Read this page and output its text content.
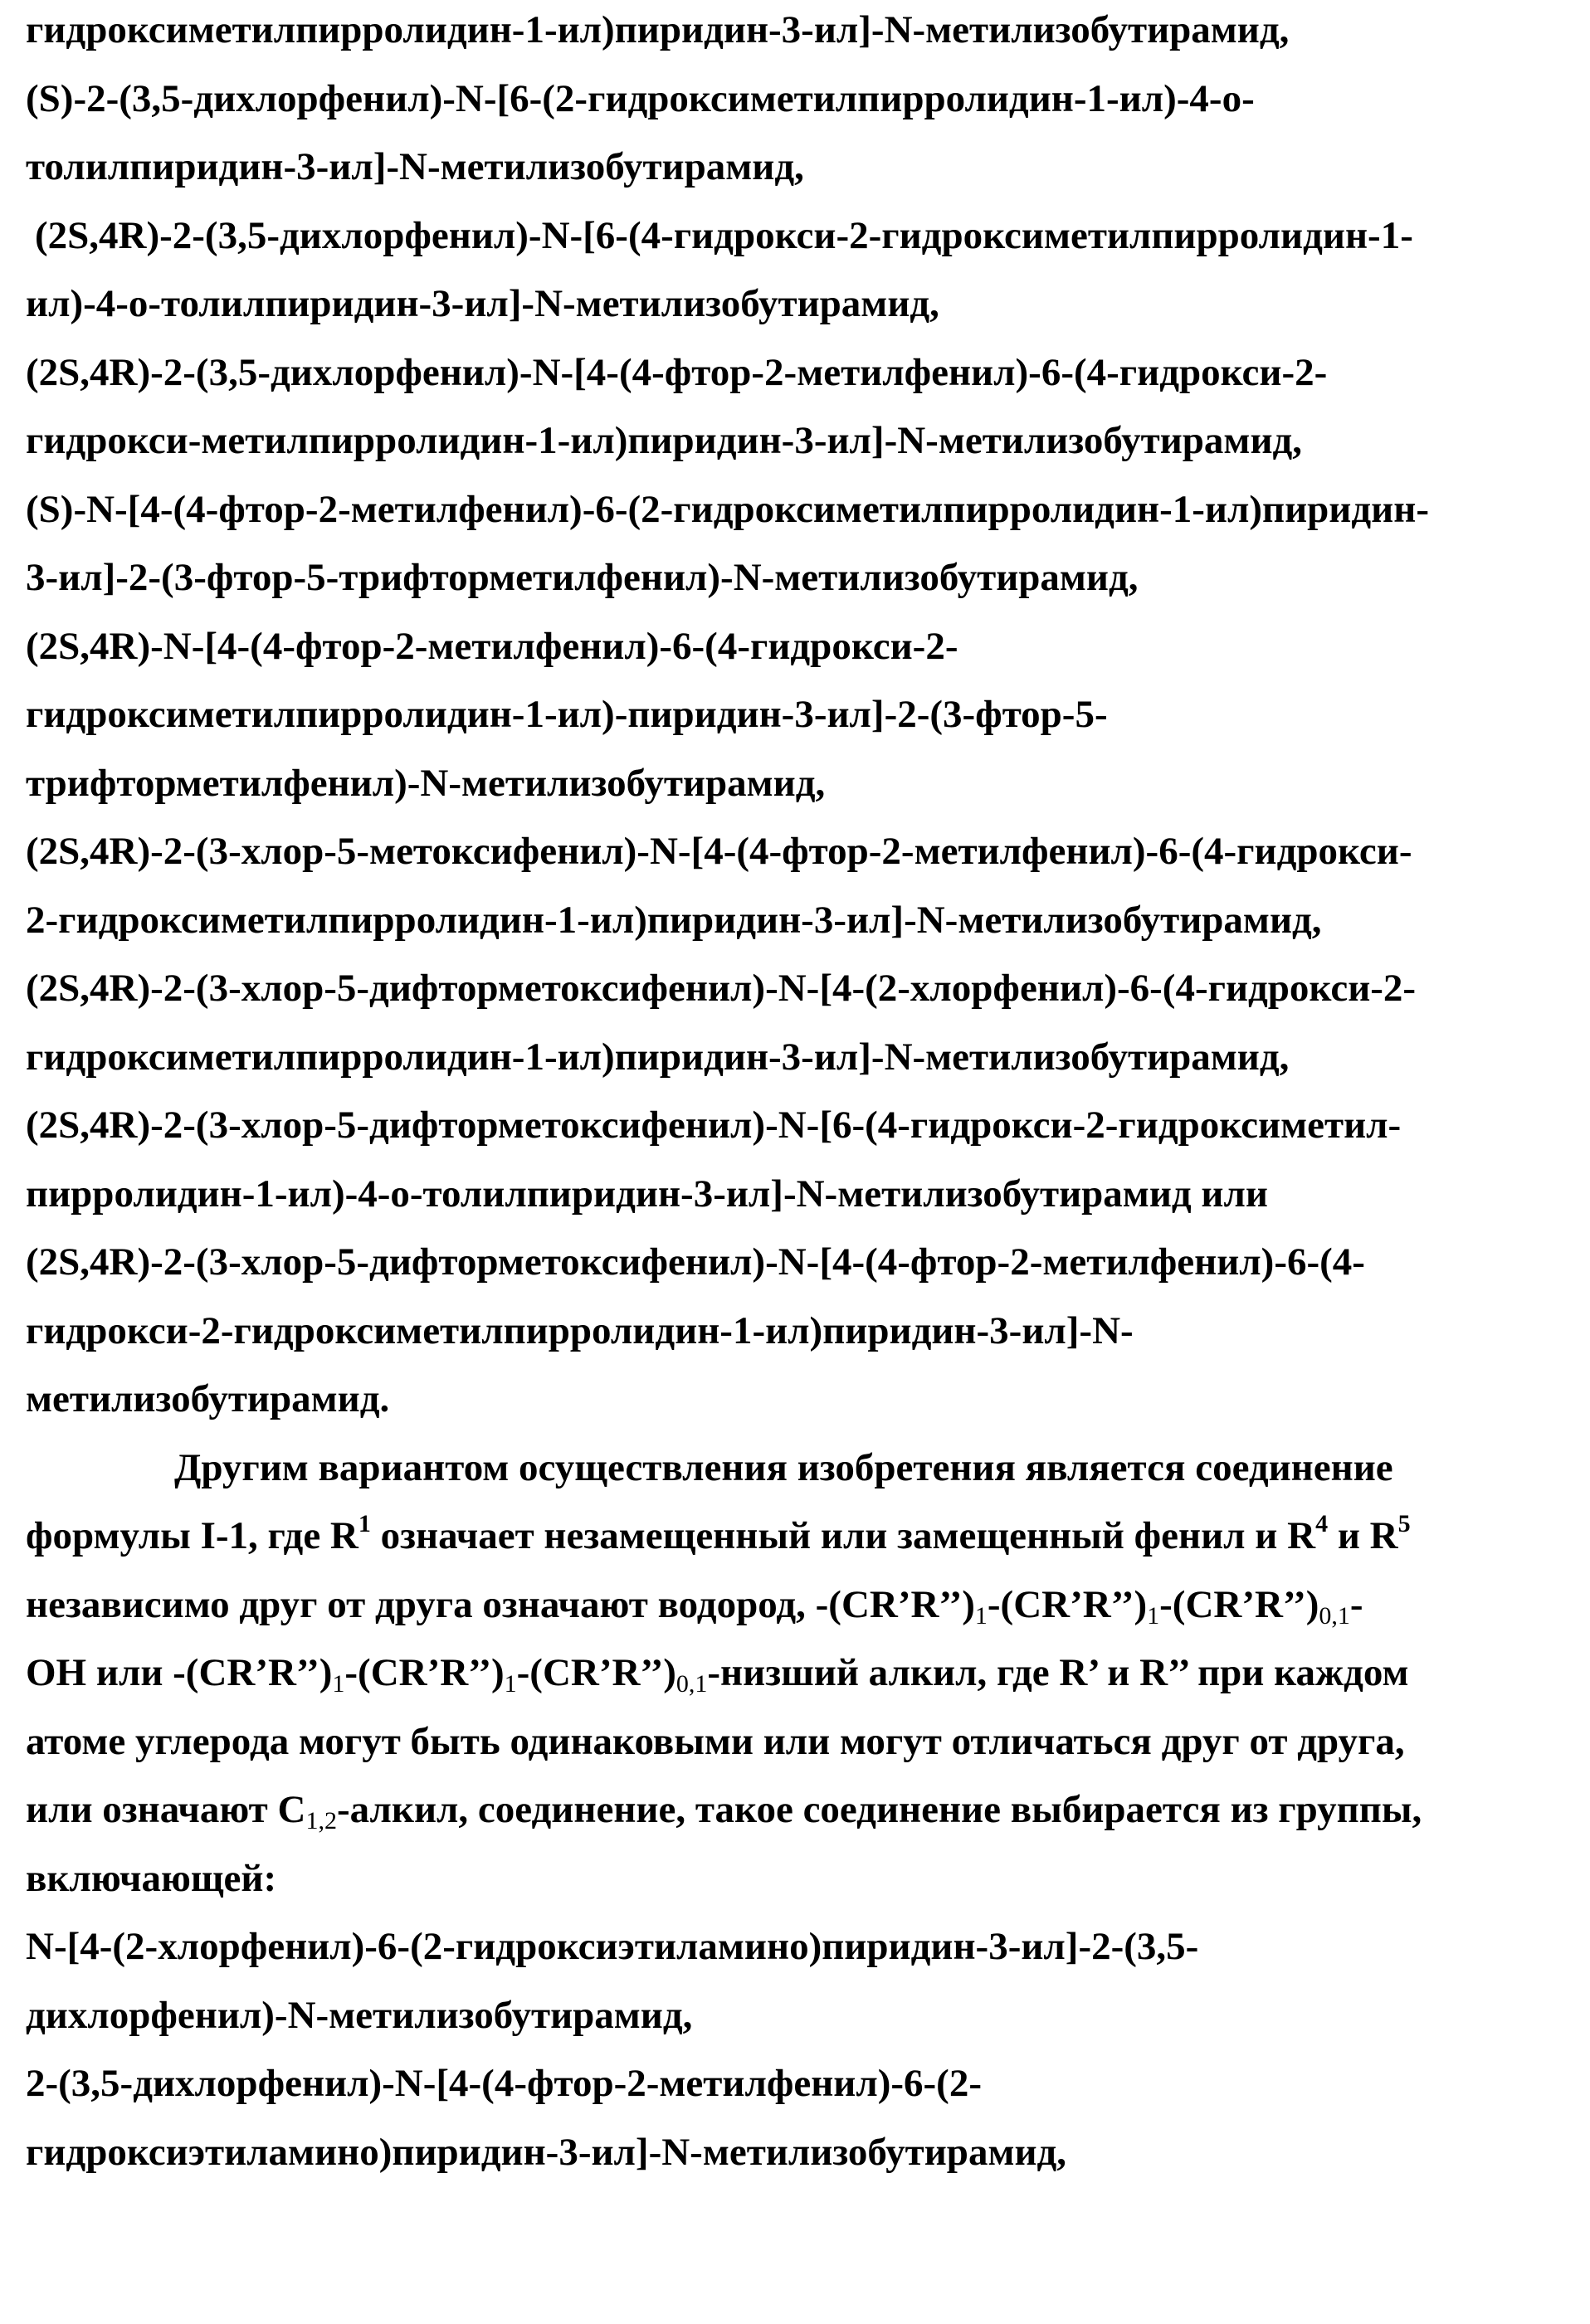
гидроксиметилпирролидин-1-ил)пиридин-3-ил]-N-метилизобутирамид,
(S)-2-(3,5-дихлорфенил)-N-[6-(2-гидроксиметилпирролидин-1-ил)-4-о-
толилпиридин-3-ил]-N-метилизобутирамид,
(2S,4R)-2-(3,5-дихлорфенил)-N-[6-(4-гидрокси-2-гидроксиметилпирролидин-1-
ил)-4-о-толилпиридин-3-ил]-N-метилизобутирамид,
(2S,4R)-2-(3,5-дихлорфенил)-N-[4-(4-фтор-2-метилфенил)-6-(4-гидрокси-2-
гидрокси-метилпирролидин-1-ил)пиридин-3-ил]-N-метилизобутирамид,
(S)-N-[4-(4-фтор-2-метилфенил)-6-(2-гидроксиметилпирролидин-1-ил)пиридин-
3-ил]-2-(3-фтор-5-трифторметилфенил)-N-метилизобутирамид,
(2S,4R)-N-[4-(4-фтор-2-метилфенил)-6-(4-гидрокси-2-
гидроксиметилпирролидин-1-ил)-пиридин-3-ил]-2-(3-фтор-5-
трифторметилфенил)-N-метилизобутирамид,
(2S,4R)-2-(3-хлор-5-метоксифенил)-N-[4-(4-фтор-2-метилфенил)-6-(4-гидрокси-
2-гидроксиметилпирролидин-1-ил)пиридин-3-ил]-N-метилизобутирамид,
(2S,4R)-2-(3-хлор-5-дифторметоксифенил)-N-[4-(2-хлорфенил)-6-(4-гидрокси-2-
гидроксиметилпирролидин-1-ил)пиридин-3-ил]-N-метилизобутирамид,
(2S,4R)-2-(3-хлор-5-дифторметоксифенил)-N-[6-(4-гидрокси-2-гидроксиметил-
пирролидин-1-ил)-4-о-толилпиридин-3-ил]-N-метилизобутирамид или
(2S,4R)-2-(3-хлор-5-дифторметоксифенил)-N-[4-(4-фтор-2-метилфенил)-6-(4-
гидрокси-2-гидроксиметилпирролидин-1-ил)пиридин-3-ил]-N-
метилизобутирамид.
Другим вариантом осуществления изобретения является соединение
формулы I-1, где $R^1$ означает незамещенный или замещенный фенил и $R^4$ и $R^5$
независимо друг от друга означают водород, $-(CR’R’’)_1-(CR’R’’)_1-(CR’R’’)_{0,1}-$
OH или $-(CR’R’’)_1-(CR’R’’)_1-(CR’R’’)_{0,1}$-низший алкил, где R’ и R’’ при каждом
атоме углерода могут быть одинаковыми или могут отличаться друг от друга,
или означают $C_{1,2}$-алкил, соединение, такое соединение выбирается из группы,
включающей:
N-[4-(2-хлорфенил)-6-(2-гидроксиэтиламино)пиридин-3-ил]-2-(3,5-
дихлорфенил)-N-метилизобутирамид,
2-(3,5-дихлорфенил)-N-[4-(4-фтор-2-метилфенил)-6-(2-
гидроксиэтиламино)пиридин-3-ил]-N-метилизобутирамид,
